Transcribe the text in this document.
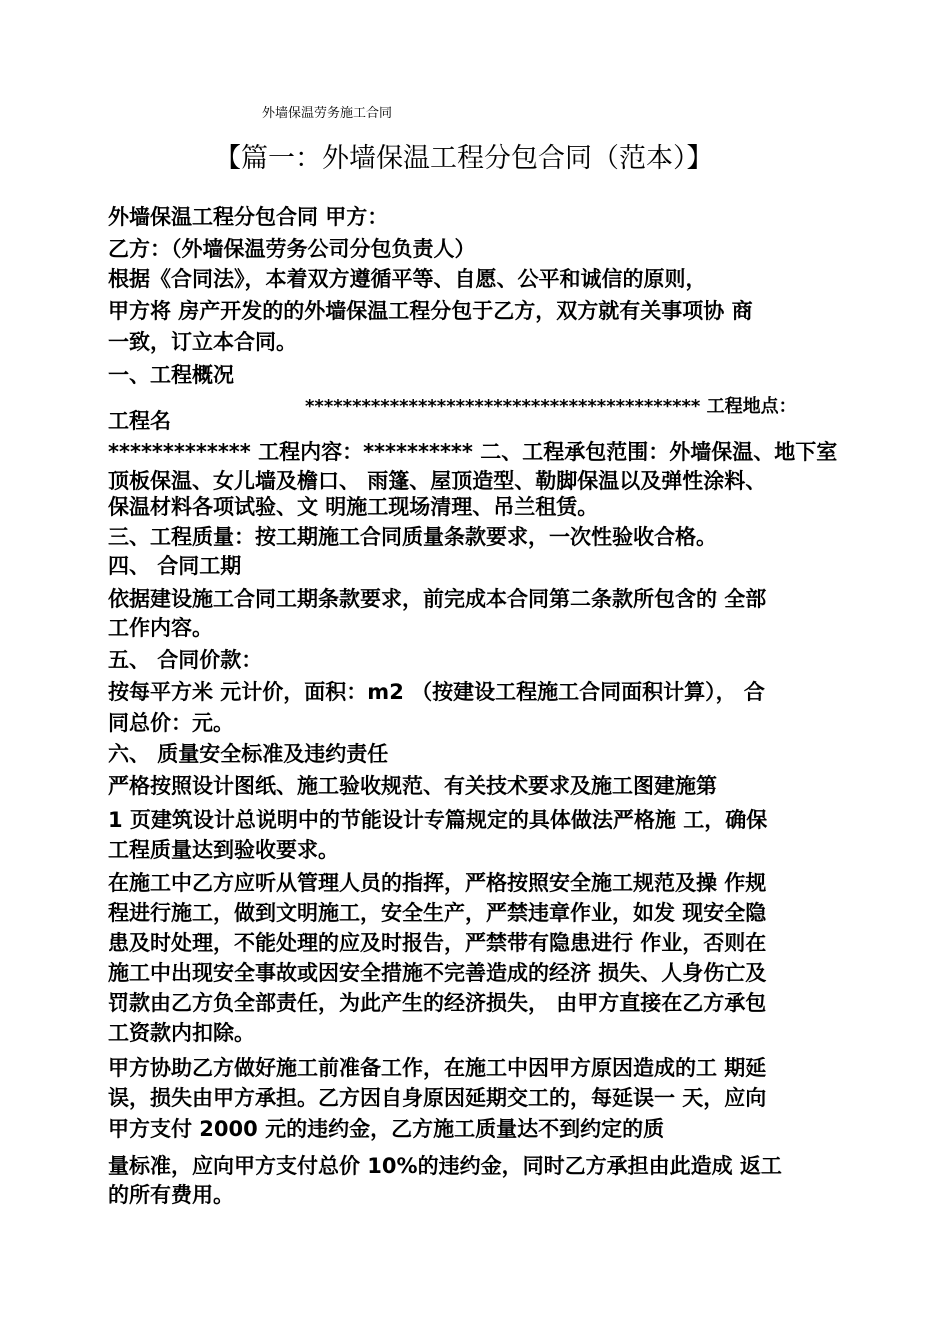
外墙保温劳务施工合同
【篇一：外墙保温工程分包合同（范本）】
外墙保温工程分包合同 甲方：
乙方：（外墙保温劳务公司分包负责人）
根据《合同法》，本着双方遵循平等、自愿、公平和诚信的原则，
甲方将 房产开发的的外墙保温工程分包于乙方，双方就有关事项协 商
一致，订立本合同。
一、工程概况
****************************************** 工程地点：
工程名
************* 工程内容：********** 二、工程承包范围：外墙保温、地下室
顶板保温、女儿墙及檐口、 雨篷、屋顶造型、勒脚保温以及弹性涂料、
保温材料各项试验、文 明施工现场清理、吊兰租赁。
三、工程质量：按工期施工合同质量条款要求，一次性验收合格。
四、 合同工期
依据建设施工合同工期条款要求，前完成本合同第二条款所包含的 全部
工作内容。
五、 合同价款：
按每平方米 元计价，面积：m2 （按建设工程施工合同面积计算）， 合
同总价：元。
六、 质量安全标准及违约责任
严格按照设计图纸、施工验收规范、有关技术要求及施工图建施第
1 页建筑设计总说明中的节能设计专篇规定的具体做法严格施 工，确保
工程质量达到验收要求。
在施工中乙方应听从管理人员的指挥，严格按照安全施工规范及操 作规
程进行施工，做到文明施工，安全生产，严禁违章作业，如发 现安全隐
患及时处理，不能处理的应及时报告，严禁带有隐患进行 作业，否则在
施工中出现安全事故或因安全措施不完善造成的经济 损失、人身伤亡及
罚款由乙方负全部责任，为此产生的经济损失， 由甲方直接在乙方承包
工资款内扣除。
甲方协助乙方做好施工前准备工作，在施工中因甲方原因造成的工 期延
误，损失由甲方承担。乙方因自身原因延期交工的，每延误一 天，应向
甲方支付 2000 元的违约金，乙方施工质量达不到约定的质
量标准，应向甲方支付总价 10%的违约金，同时乙方承担由此造成 返工
的所有费用。
